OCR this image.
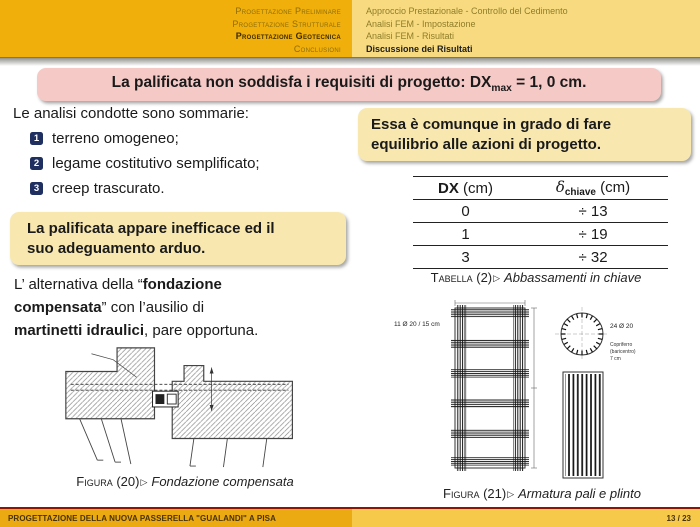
Progettazione Preliminare
Progettazione Strutturale
Progettazione Geotecnica
Conclusioni
Approccio Prestazionale - Controllo del Cedimento
Analisi FEM - Impostazione
Analisi FEM - Risultati
Discussione dei Risultati
La palificata non soddisfa i requisiti di progetto: $DX_{max} = 1$, 0 cm.
Le analisi condotte sono sommarie:
1 terreno omogeneo;
2 legame costitutivo semplificato;
3 creep trascurato.
La palificata appare inefficace ed il
suo adeguamento arduo.
L’ alternativa della “fondazione
compensata” con l’ausilio di
martinetti idraulici, pare opportuna.
Figura (20)▷ Fondazione compensata
Essa è comunque in grado di fare
equilibrio alle azioni di progetto.
DX (cm)	$\delta_{chiave}$ (cm)
0	÷ 13
1	÷ 19
3	÷ 32
Tabella (2)▷ Abbassamenti in chiave
11 Ø 20 / 15 cm	24 Ø 20
Copriferro
(baricentro)
7 cm
Figura (21)▷ Armatura pali e plinto
PROGETTAZIONE DELLA NUOVA PASSERELLA "GUALANDI" A PISA	13 / 23
